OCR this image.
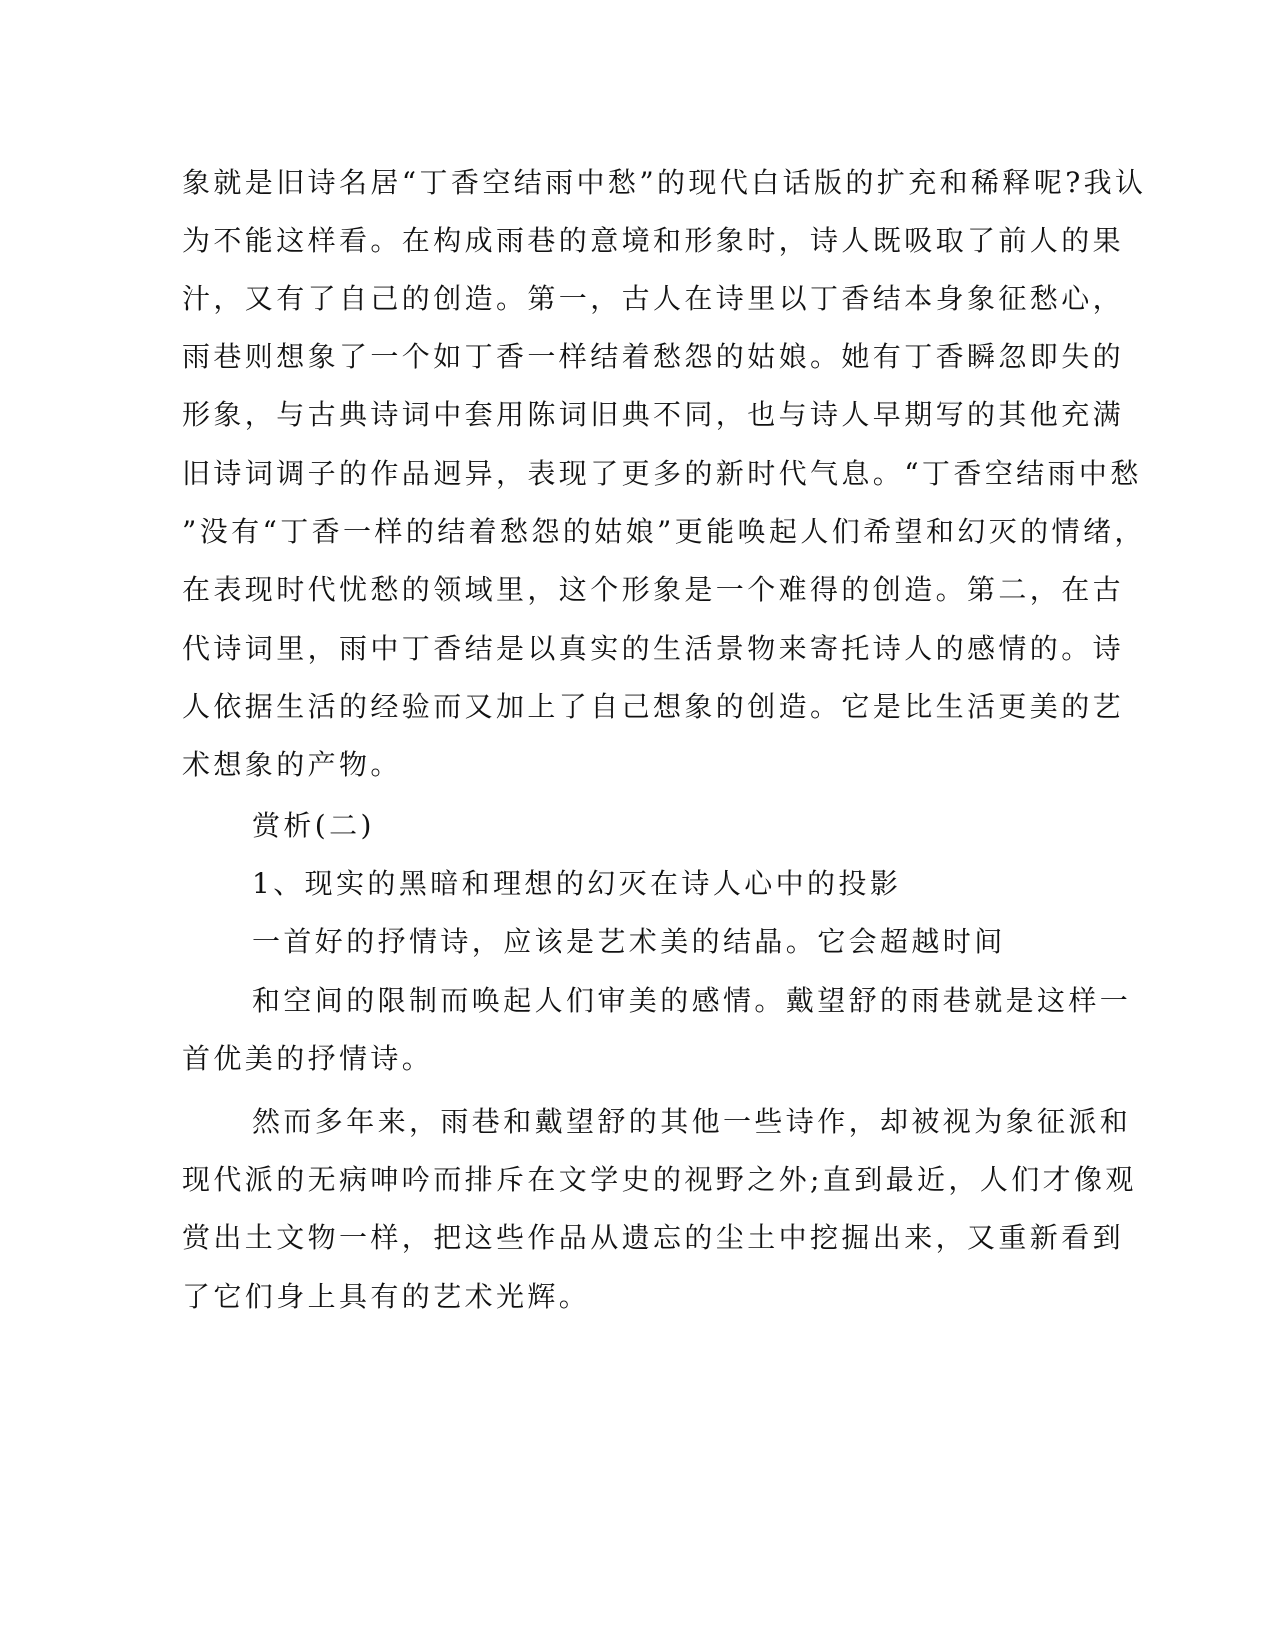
象就是旧诗名居“丁香空结雨中愁”的现代白话版的扩充和稀释呢?我认

为不能这样看。在构成雨巷的意境和形象时，诗人既吸取了前人的果

汁，又有了自己的创造。第一，古人在诗里以丁香结本身象征愁心，

雨巷则想象了一个如丁香一样结着愁怨的姑娘。她有丁香瞬忽即失的

形象，与古典诗词中套用陈词旧典不同，也与诗人早期写的其他充满

旧诗词调子的作品迥异，表现了更多的新时代气息。“丁香空结雨中愁

”没有“丁香一样的结着愁怨的姑娘”更能唤起人们希望和幻灭的情绪，

在表现时代忧愁的领域里，这个形象是一个难得的创造。第二，在古

代诗词里，雨中丁香结是以真实的生活景物来寄托诗人的感情的。诗

人依据生活的经验而又加上了自己想象的创造。它是比生活更美的艺

术想象的产物。

赏析(二)

1、现实的黑暗和理想的幻灭在诗人心中的投影

一首好的抒情诗，应该是艺术美的结晶。它会超越时间

和空间的限制而唤起人们审美的感情。戴望舒的雨巷就是这样一

首优美的抒情诗。

然而多年来，雨巷和戴望舒的其他一些诗作，却被视为象征派和

现代派的无病呻吟而排斥在文学史的视野之外;直到最近，人们才像观

赏出土文物一样，把这些作品从遗忘的尘土中挖掘出来，又重新看到

了它们身上具有的艺术光辉。
